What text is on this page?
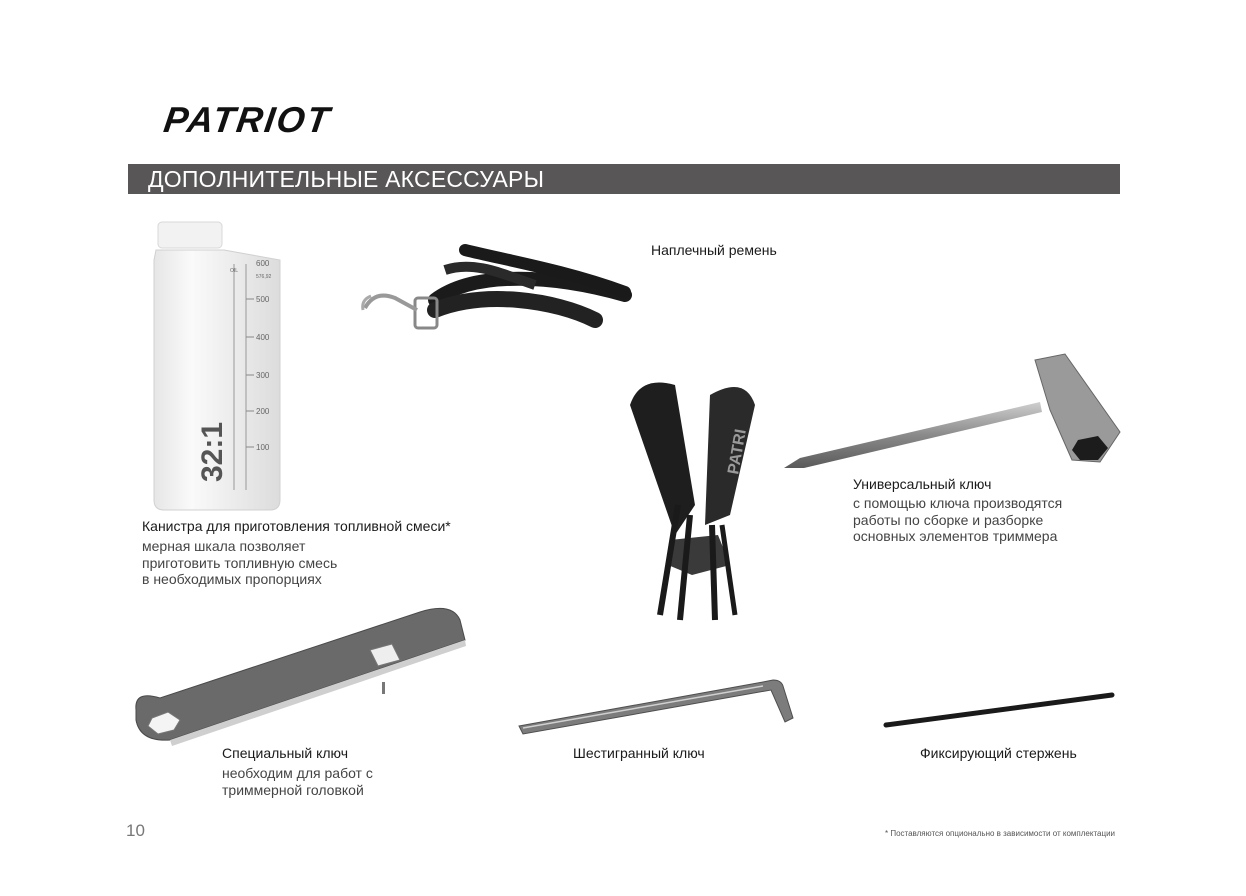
PATRIOT
ДОПОЛНИТЕЛЬНЫЕ АКСЕССУАРЫ
OIL
600
576,92
500
400
300
200
100
32:1
Канистра для приготовления топливной смеси*
мерная шкала позволяет
приготовить топливную смесь
в необходимых пропорциях
Наплечный ремень
PATRI
Универсальный ключ
с помощью ключа производятся
работы по сборке и разборке
основных элементов триммера
Специальный ключ
необходим для работ с
триммерной головкой
Шестигранный ключ	Фиксирующий стержень
10	* Поставляются опционально в зависимости от комплектации
